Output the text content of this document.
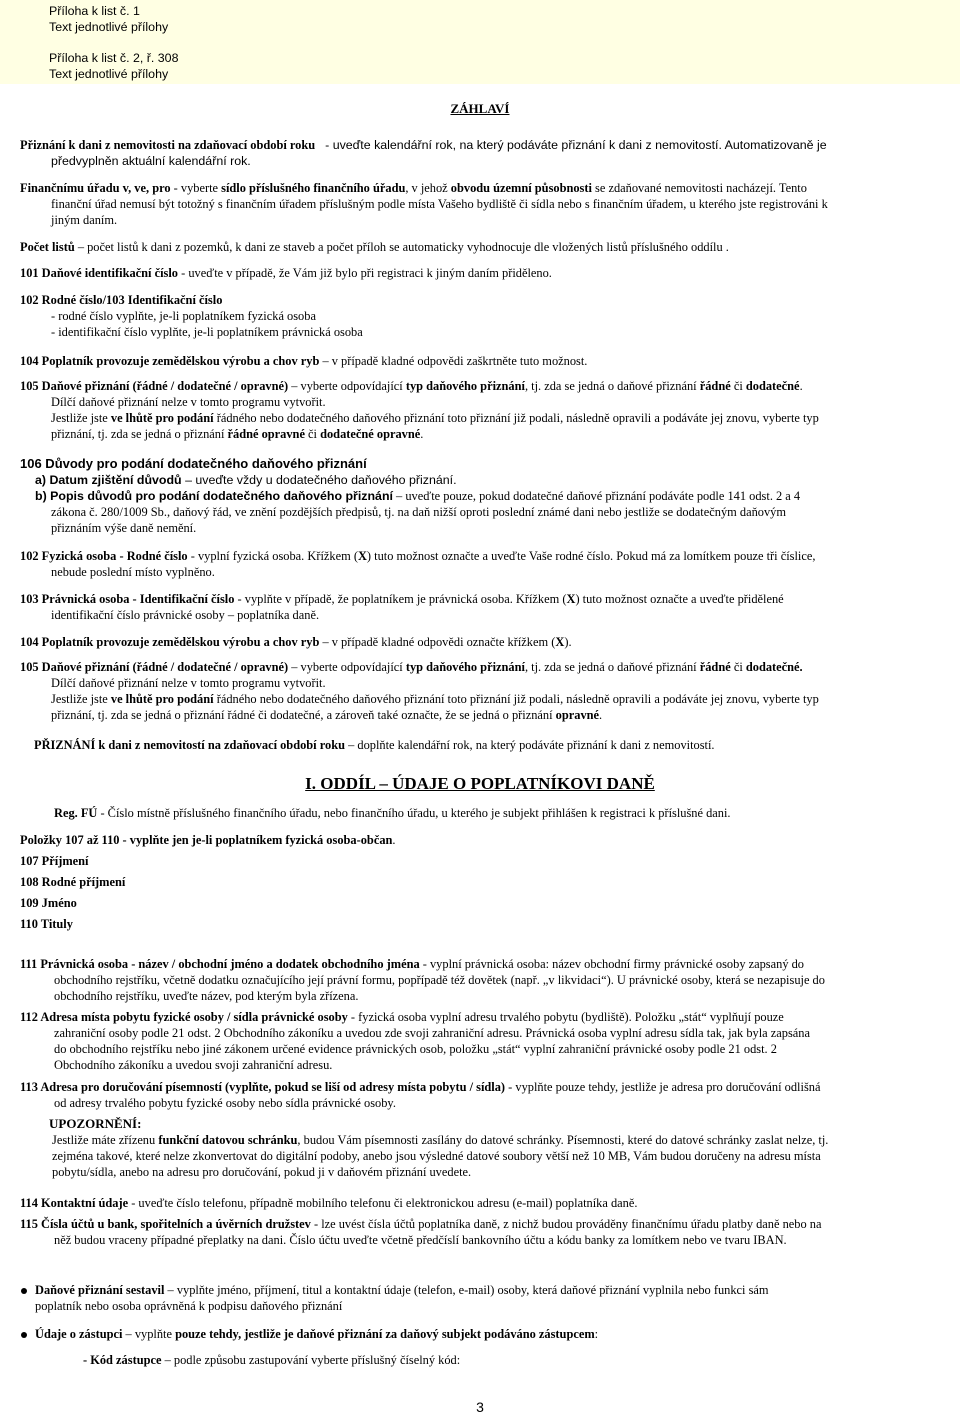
Příloha k list č. 1
Text jednotlivé přílohy
Příloha k list č. 2, ř. 308
Text jednotlivé přílohy
ZÁHLAVÍ
Přiznání k dani z nemovitosti na zdaňovací období roku - uveďte kalendářní rok, na který podáváte přiznání k dani z nemovitostí. Automatizovaně je
předvyplněn aktuální kalendářní rok.
Finančnímu úřadu v, ve, pro - vyberte sídlo příslušného finančního úřadu, v jehož obvodu územní působnosti se zdaňované nemovitosti nacházejí. Tento
finanční úřad nemusí být totožný s finančním úřadem příslušným podle místa Vašeho bydliště či sídla nebo s finančním úřadem, u kterého jste registrováni k
jiným daním.
Počet listů – počet listů k dani z pozemků, k dani ze staveb a počet příloh se automaticky vyhodnocuje dle vložených listů příslušného oddílu .
101 Daňové identifikační číslo - uveďte v případě, že Vám již bylo při registraci k jiným daním přiděleno.
102 Rodné číslo/103 Identifikační číslo
- rodné číslo vyplňte, je-li poplatníkem fyzická osoba
- identifikační číslo vyplňte, je-li poplatníkem právnická osoba
104 Poplatník provozuje zemědělskou výrobu a chov ryb – v případě kladné odpovědi zaškrtněte tuto možnost.
105 Daňové přiznání (řádné / dodatečné / opravné) – vyberte odpovídající typ daňového přiznání, tj. zda se jedná o daňové přiznání řádné či dodatečné.
Dílčí daňové přiznání nelze v tomto programu vytvořit.
Jestliže jste ve lhůtě pro podání řádného nebo dodatečného daňového přiznání toto přiznání již podali, následně opravili a podáváte jej znovu, vyberte typ
přiznání, tj. zda se jedná o přiznání řádné opravné či dodatečné opravné.
106 Důvody pro podání dodatečného daňového přiznání
a) Datum zjištění důvodů – uveďte vždy u dodatečného daňového přiznání.
b) Popis důvodů pro podání dodatečného daňového přiznání – uveďte pouze, pokud dodatečné daňové přiznání podáváte podle 141 odst. 2 a 4
zákona č. 280/1009 Sb., daňový řád, ve znění pozdějších předpisů, tj. na daň nižší oproti poslední známé dani nebo jestliže se dodatečným daňovým
přiznáním výše daně nemění.
102 Fyzická osoba - Rodné číslo - vyplní fyzická osoba. Křížkem (X) tuto možnost označte a uveďte Vaše rodné číslo. Pokud má za lomítkem pouze tři číslice,
nebude poslední místo vyplněno.
103 Právnická osoba - Identifikační číslo - vyplňte v případě, že poplatníkem je právnická osoba. Křížkem (X) tuto možnost označte a uveďte přidělené
identifikační číslo právnické osoby – poplatníka daně.
104 Poplatník provozuje zemědělskou výrobu a chov ryb – v případě kladné odpovědi označte křížkem (X).
105 Daňové přiznání (řádné / dodatečné / opravné) – vyberte odpovídající typ daňového přiznání, tj. zda se jedná o daňové přiznání řádné či dodatečné.
Dílčí daňové přiznání nelze v tomto programu vytvořit.
Jestliže jste ve lhůtě pro podání řádného nebo dodatečného daňového přiznání toto přiznání již podali, následně opravili a podáváte jej znovu, vyberte typ
přiznání, tj. zda se jedná o přiznání řádné či dodatečné, a zároveň také označte, že se jedná o přiznání opravné.
PŘIZNÁNÍ k dani z nemovitostí na zdaňovací období roku – doplňte kalendářní rok, na který podáváte přiznání k dani z nemovitostí.
I. ODDÍL – ÚDAJE O POPLATNÍKOVI DANĚ
Reg. FÚ - Číslo místně příslušného finančního úřadu, nebo finančního úřadu, u kterého je subjekt přihlášen k registraci k příslušné dani.
Položky 107 až 110 - vyplňte jen je-li poplatníkem fyzická osoba-občan.
107 Příjmení
108 Rodné příjmení
109 Jméno
110 Tituly
111 Právnická osoba - název / obchodní jméno a dodatek obchodního jména - vyplní právnická osoba: název obchodní firmy právnické osoby zapsaný do
obchodního rejstříku, včetně dodatku označujícího její právní formu, popřípadě též dovětek (např. „v likvidaci“). U právnické osoby, která se nezapisuje do
obchodního rejstříku, uveďte název, pod kterým byla zřízena.
112 Adresa místa pobytu fyzické osoby / sídla právnické osoby - fyzická osoba vyplní adresu trvalého pobytu (bydliště). Položku „stát“ vyplňují pouze
zahraniční osoby podle 21 odst. 2 Obchodního zákoníku a uvedou zde svoji zahraniční adresu. Právnická osoba vyplní adresu sídla tak, jak byla zapsána
do obchodního rejstříku nebo jiné zákonem určené evidence právnických osob, položku „stát“ vyplní zahraniční právnické osoby podle 21 odst. 2
Obchodního zákoníku a uvedou svoji zahraniční adresu.
113 Adresa pro doručování písemností (vyplňte, pokud se liší od adresy místa pobytu / sídla) - vyplňte pouze tehdy, jestliže je adresa pro doručování odlišná
od adresy trvalého pobytu fyzické osoby nebo sídla právnické osoby.
UPOZORNĚNÍ:
Jestliže máte zřízenu funkční datovou schránku, budou Vám písemnosti zasílány do datové schránky. Písemnosti, které do datové schránky zaslat nelze, tj.
zejména takové, které nelze zkonvertovat do digitální podoby, anebo jsou výsledné datové soubory větší než 10 MB, Vám budou doručeny na adresu místa
pobytu/sídla, anebo na adresu pro doručování, pokud ji v daňovém přiznání uvedete.
114 Kontaktní údaje - uveďte číslo telefonu, případně mobilního telefonu či elektronickou adresu (e-mail) poplatníka daně.
115 Čísla účtů u bank, spořitelních a úvěrních družstev - lze uvést čísla účtů poplatníka daně, z nichž budou prováděny finančnímu úřadu platby daně nebo na
něž budou vraceny případné přeplatky na dani. Číslo účtu uveďte včetně předčíslí bankovního účtu a kódu banky za lomítkem nebo ve tvaru IBAN.
Daňové přiznání sestavil – vyplňte jméno, příjmení, titul a kontaktní údaje (telefon, e-mail) osoby, která daňové přiznání vyplnila nebo funkci sám
poplatník nebo osoba oprávněná k podpisu daňového přiznání
Údaje o zástupci – vyplňte pouze tehdy, jestliže je daňové přiznání za daňový subjekt podáváno zástupcem:
- Kód zástupce – podle způsobu zastupování vyberte příslušný číselný kód:
3
